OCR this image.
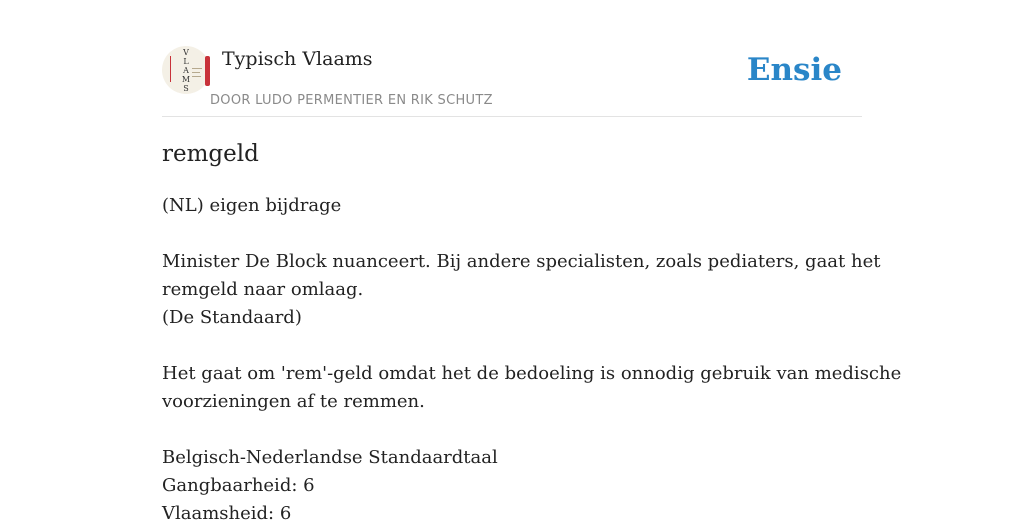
V
L
A
M
S
Typisch Vlaams
DOOR LUDO PERMENTIER EN RIK SCHUTZ
Ensie
remgeld
(NL) eigen bijdrage
Minister De Block nuanceert. Bij andere specialisten, zoals pediaters, gaat het
remgeld naar omlaag.
(De Standaard)
Het gaat om 'rem'-geld omdat het de bedoeling is onnodig gebruik van medische
voorzieningen af te remmen.
Belgisch-Nederlandse Standaardtaal
Gangbaarheid: 6
Vlaamsheid: 6
